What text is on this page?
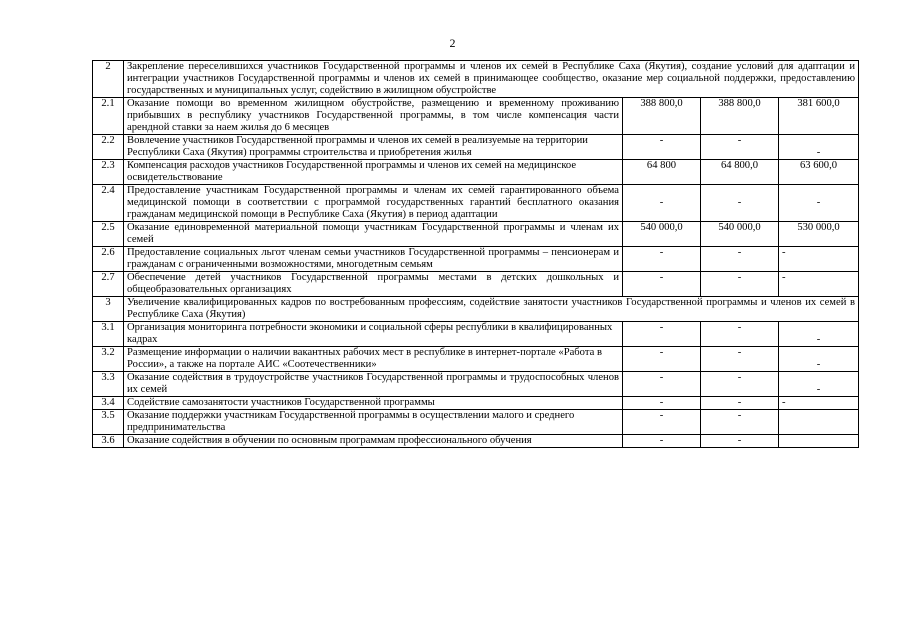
2
2	Закрепление переселившихся участников Государственной программы и членов их семей в Республике Саха (Якутия), создание условий для адаптации и интеграции участников Государственной программы и членов их семей в принимающее сообщество, оказание мер социальной поддержки, предоставлению государственных и муниципальных услуг, содействию в жилищном обустройстве			
2.1	Оказание помощи во временном жилищном обустройстве, размещению и временному проживанию прибывших в республику участников Государственной программы, в том числе компенсация части арендной ставки за наем жилья до 6 месяцев	388 800,0	388 800,0	381 600,0
2.2	Вовлечение участников Государственной программы и членов их семей в реализуемые на территории Республики Саха (Якутия) программы строительства и приобретения жилья	-	-	-
2.3	Компенсация расходов участников Государственной программы и членов их семей на медицинское освидетельствование	64 800	64 800,0	63 600,0
2.4	Предоставление участникам Государственной программы и членам их семей гарантированного объема медицинской помощи в соответствии с программой государственных гарантий бесплатного оказания гражданам медицинской помощи в Республике Саха (Якутия) в период адаптации	-	-	-
2.5	Оказание единовременной материальной помощи участникам Государственной программы и членам их семей	540 000,0	540 000,0	530 000,0
2.6	Предоставление социальных льгот членам семьи участников Государственной программы – пенсионерам и гражданам с ограниченными возможностями, многодетным семьям	-	-	-
2.7	Обеспечение детей участников Государственной программы местами в детских дошкольных и общеобразовательных организациях	-	-	-
3	Увеличение квалифицированных кадров по востребованным профессиям, содействие занятости участников Государственной программы и членов их семей в Республике Саха (Якутия)			
3.1	Организация мониторинга потребности экономики и социальной сферы республики в квалифицированных кадрах	-	-	-
3.2	Размещение информации о наличии вакантных рабочих мест в республике в интернет-портале «Работа в России», а также на портале АИС «Соотечественники»	-	-	-
3.3	Оказание содействия в трудоустройстве участников Государственной программы и трудоспособных членов их семей	-	-	-
3.4	Содействие самозанятости участников Государственной программы	-	-	-
3.5	Оказание поддержки участникам Государственной программы в осуществлении малого и среднего предпринимательства	-	-	
3.6	Оказание содействия в обучении по основным программам профессионального обучения	-	-	
